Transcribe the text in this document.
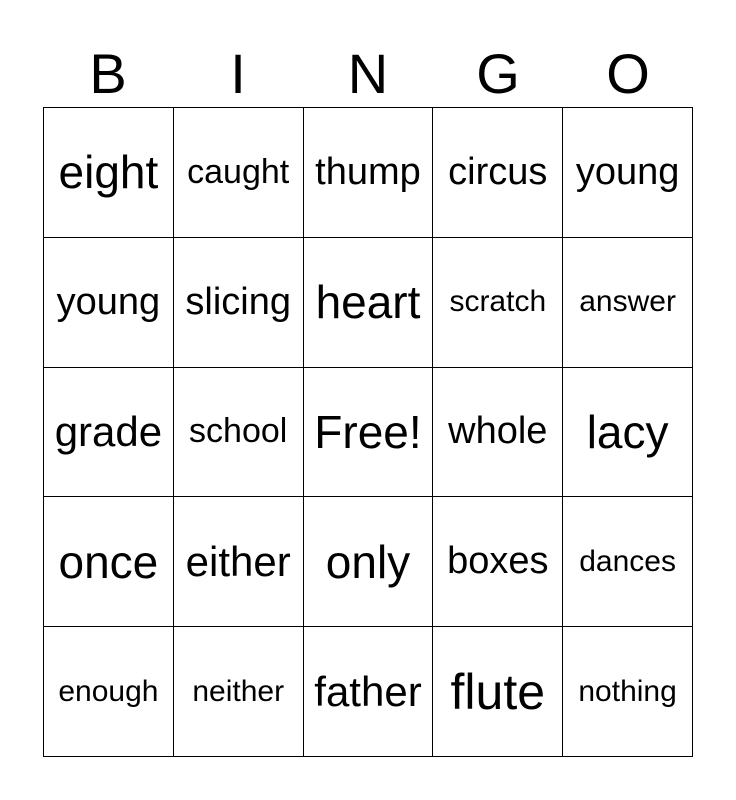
B	I	N	G	O
eight caught thump circus young
young slicing heart scratch	answer
grade school Free! whole lacy
once either only boxes	dances
enough	neither father flute	nothing
